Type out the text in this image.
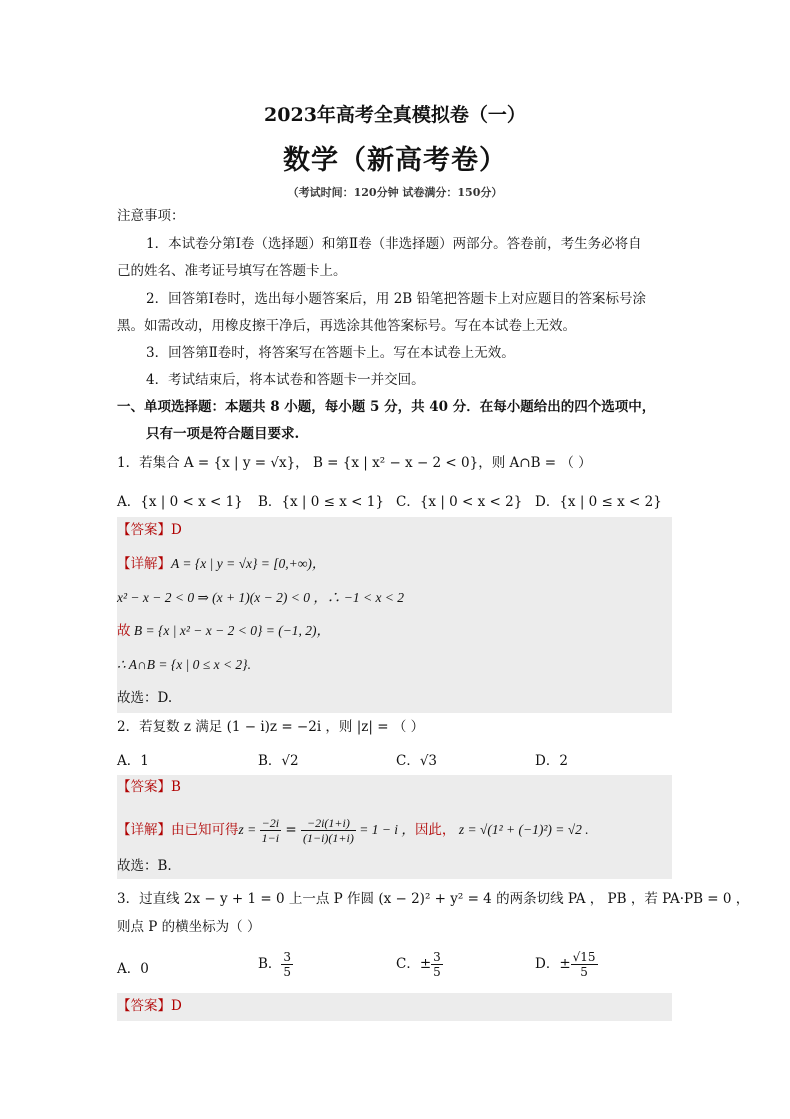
2023年高考全真模拟卷（一）
数学（新高考卷）
（考试时间：120分钟 试卷满分：150分）
注意事项：
1．本试卷分第Ⅰ卷（选择题）和第Ⅱ卷（非选择题）两部分。答卷前，考生务必将自
己的姓名、准考证号填写在答题卡上。
2．回答第Ⅰ卷时，选出每小题答案后，用 2B 铅笔把答题卡上对应题目的答案标号涂
黑。如需改动，用橡皮擦干净后，再选涂其他答案标号。写在本试卷上无效。
3．回答第Ⅱ卷时，将答案写在答题卡上。写在本试卷上无效。
4．考试结束后，将本试卷和答题卡一并交回。
一、单项选择题：本题共 8 小题，每小题 5 分，共 40 分．在每小题给出的四个选项中，
只有一项是符合题目要求.
1．若集合 A = {x | y = √x}， B = {x | x² − x − 2 < 0}，则 A∩B = （ ）
A．{x | 0 < x < 1} B．{x | 0 ≤ x < 1} C．{x | 0 < x < 2} D．{x | 0 ≤ x < 2}
【答案】D
【详解】A = {x | y = √x} = [0,+∞)，
x² − x − 2 < 0 ⇒ (x + 1)(x − 2) < 0 ，∴ −1 < x < 2
故 B = {x | x² − x − 2 < 0} = (−1, 2)，
∴ A∩B = {x | 0 ≤ x < 2}.
故选：D.
2．若复数 z 满足 (1 − i)z = −2i ，则 |z| = （ ）
A．1	B．√2	C．√3	D．2
【答案】B
【详解】由已知可得$z = \frac{-2i}{1-i} = \frac{-2i(1+i)}{(1-i)(1+i)} = 1 - i$ ，因此， z = √(1² + (−1)²) = √2 .
故选：B.
3．过直线 2x − y + 1 = 0 上一点 P 作圆 (x − 2)² + y² = 4 的两条切线 PA ， PB ，若 PA·PB = 0 ，
则点 P 的横坐标为（ ）
A．0	B． $\frac{3}{5}$	C．± $\frac{3}{5}$	D．± $\frac{√15}{5}$
【答案】D
